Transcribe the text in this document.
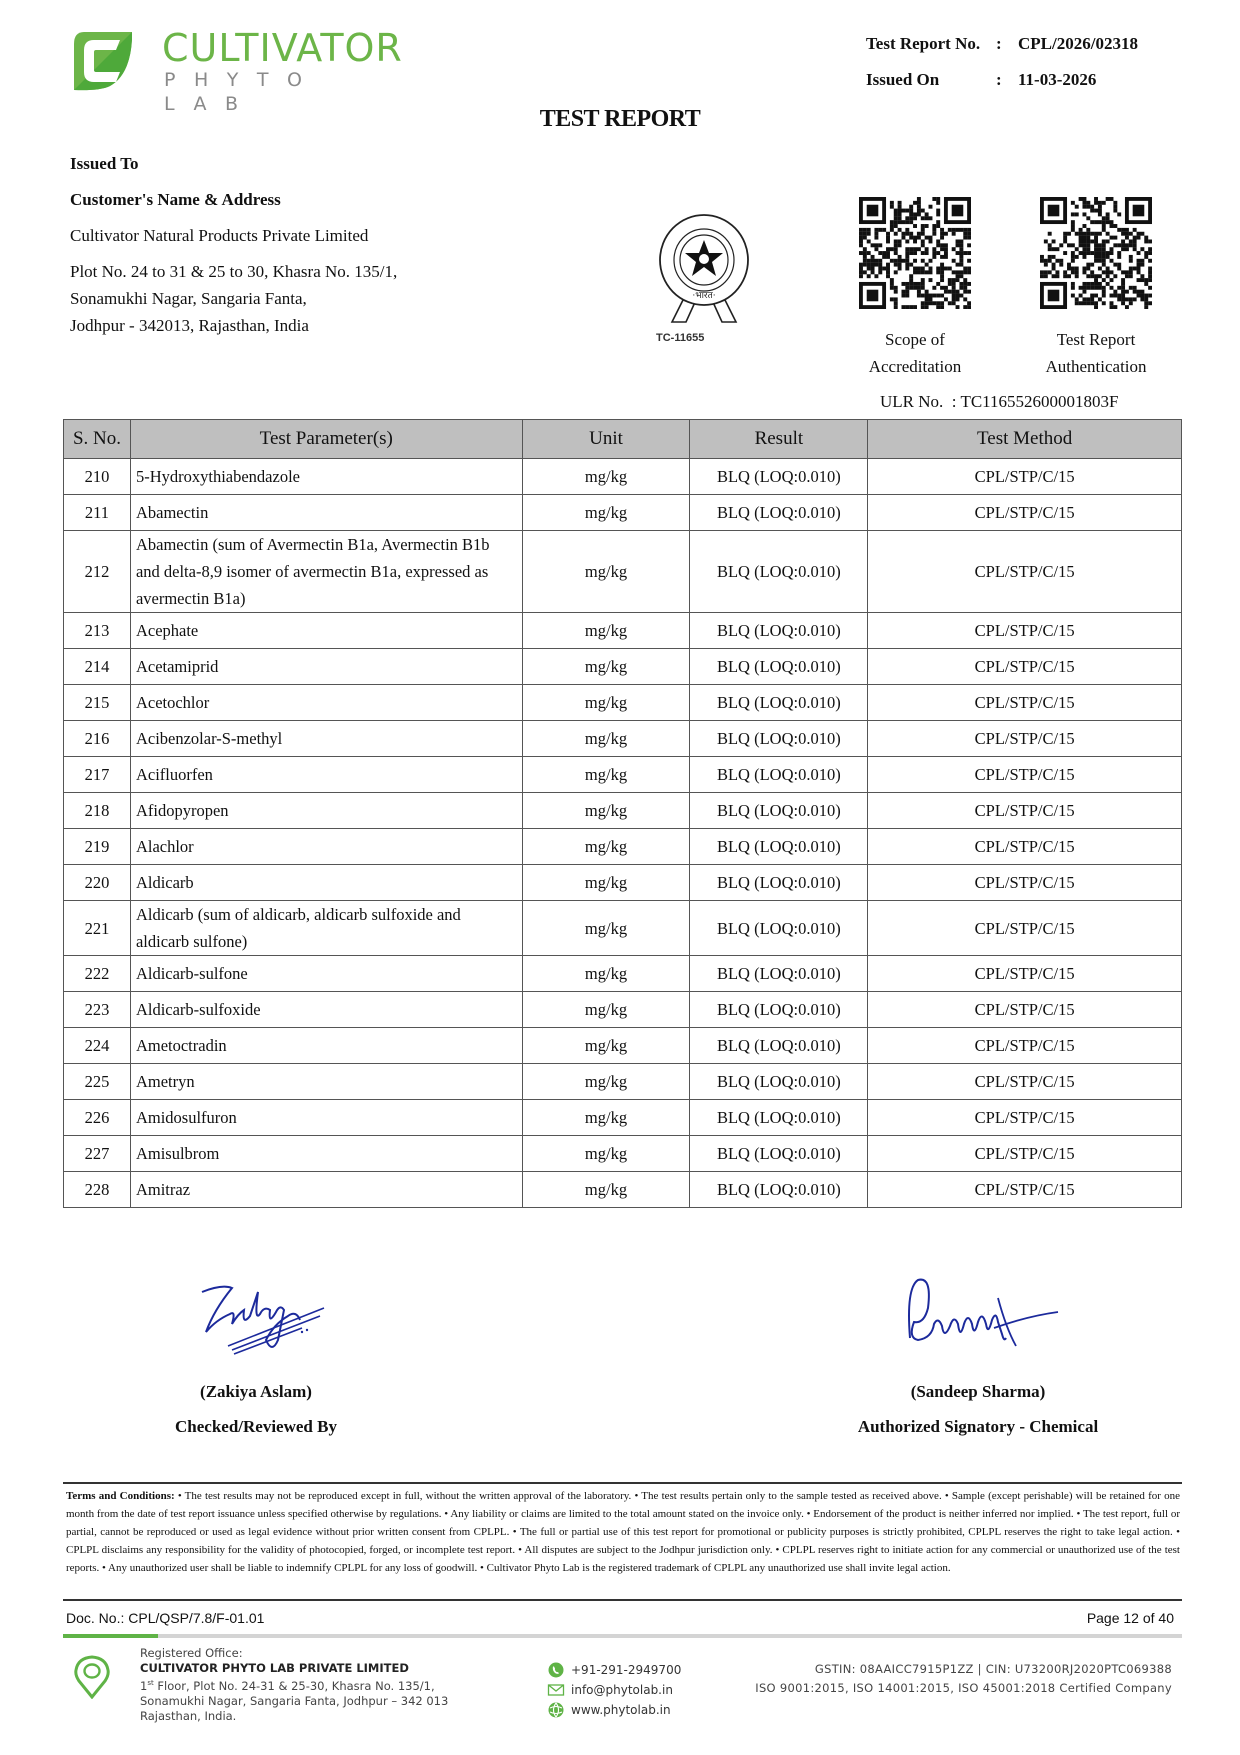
CULTIVATOR
PHYTO LAB
Test Report No. : CPL/2026/02318
Issued On	: 11-03-2026
TEST REPORT
Issued To
Customer's Name & Address
Cultivator Natural Products Private Limited
Plot No. 24 to 31 & 25 to 30, Khasra No. 135/1,
Sonamukhi Nagar, Sangaria Fanta,
Jodhpur - 342013, Rajasthan, India
·भारत·
TC-11655	Scope of
Accreditation
Test Report
Authentication
ULR No. : TC116552600001803F
S. No.	Test Parameter(s)	Unit	Result	Test Method
210	5-Hydroxythiabendazole	mg/kg	BLQ (LOQ:0.010)	CPL/STP/C/15
211	Abamectin	mg/kg	BLQ (LOQ:0.010)	CPL/STP/C/15
212	Abamectin (sum of Avermectin B1a, Avermectin B1b and delta-8,9 isomer of avermectin B1a, expressed as avermectin B1a)	mg/kg	BLQ (LOQ:0.010)	CPL/STP/C/15
213	Acephate	mg/kg	BLQ (LOQ:0.010)	CPL/STP/C/15
214	Acetamiprid	mg/kg	BLQ (LOQ:0.010)	CPL/STP/C/15
215	Acetochlor	mg/kg	BLQ (LOQ:0.010)	CPL/STP/C/15
216	Acibenzolar-S-methyl	mg/kg	BLQ (LOQ:0.010)	CPL/STP/C/15
217	Acifluorfen	mg/kg	BLQ (LOQ:0.010)	CPL/STP/C/15
218	Afidopyropen	mg/kg	BLQ (LOQ:0.010)	CPL/STP/C/15
219	Alachlor	mg/kg	BLQ (LOQ:0.010)	CPL/STP/C/15
220	Aldicarb	mg/kg	BLQ (LOQ:0.010)	CPL/STP/C/15
221	Aldicarb (sum of aldicarb, aldicarb sulfoxide and aldicarb sulfone)	mg/kg	BLQ (LOQ:0.010)	CPL/STP/C/15
222	Aldicarb-sulfone	mg/kg	BLQ (LOQ:0.010)	CPL/STP/C/15
223	Aldicarb-sulfoxide	mg/kg	BLQ (LOQ:0.010)	CPL/STP/C/15
224	Ametoctradin	mg/kg	BLQ (LOQ:0.010)	CPL/STP/C/15
225	Ametryn	mg/kg	BLQ (LOQ:0.010)	CPL/STP/C/15
226	Amidosulfuron	mg/kg	BLQ (LOQ:0.010)	CPL/STP/C/15
227	Amisulbrom	mg/kg	BLQ (LOQ:0.010)	CPL/STP/C/15
228	Amitraz	mg/kg	BLQ (LOQ:0.010)	CPL/STP/C/15
(Zakiya Aslam)
Checked/Reviewed By
(Sandeep Sharma)
Authorized Signatory - Chemical
Terms and Conditions: • The test results may not be reproduced except in full, without the written approval of the laboratory. • The test results pertain only to the sample tested as received above. • Sample (except perishable) will be retained for one month from the date of test report issuance unless specified otherwise by regulations. • Any liability or claims are limited to the total amount stated on the invoice only. • Endorsement of the product is neither inferred nor implied. • The test report, full or partial, cannot be reproduced or used as legal evidence without prior written consent from CPLPL. • The full or partial use of this test report for promotional or publicity purposes is strictly prohibited, CPLPL reserves the right to take legal action. • CPLPL disclaims any responsibility for the validity of photocopied, forged, or incomplete test report. • All disputes are subject to the Jodhpur jurisdiction only. • CPLPL reserves right to initiate action for any commercial or unauthorized use of the test reports. • Any unauthorized user shall be liable to indemnify CPLPL for any loss of goodwill. • Cultivator Phyto Lab is the registered trademark of CPLPL any unauthorized use shall invite legal action.
Doc. No.: CPL/QSP/7.8/F-01.01	Page 12 of 40
Registered Office:
CULTIVATOR PHYTO LAB PRIVATE LIMITED
1st Floor, Plot No. 24-31 & 25-30, Khasra No. 135/1,
Sonamukhi Nagar, Sangaria Fanta, Jodhpur – 342 013
Rajasthan, India.
+91-291-2949700
info@phytolab.in
www.phytolab.in
GSTIN: 08AAICC7915P1ZZ | CIN: U73200RJ2020PTC069388
ISO 9001:2015, ISO 14001:2015, ISO 45001:2018 Certified Company
